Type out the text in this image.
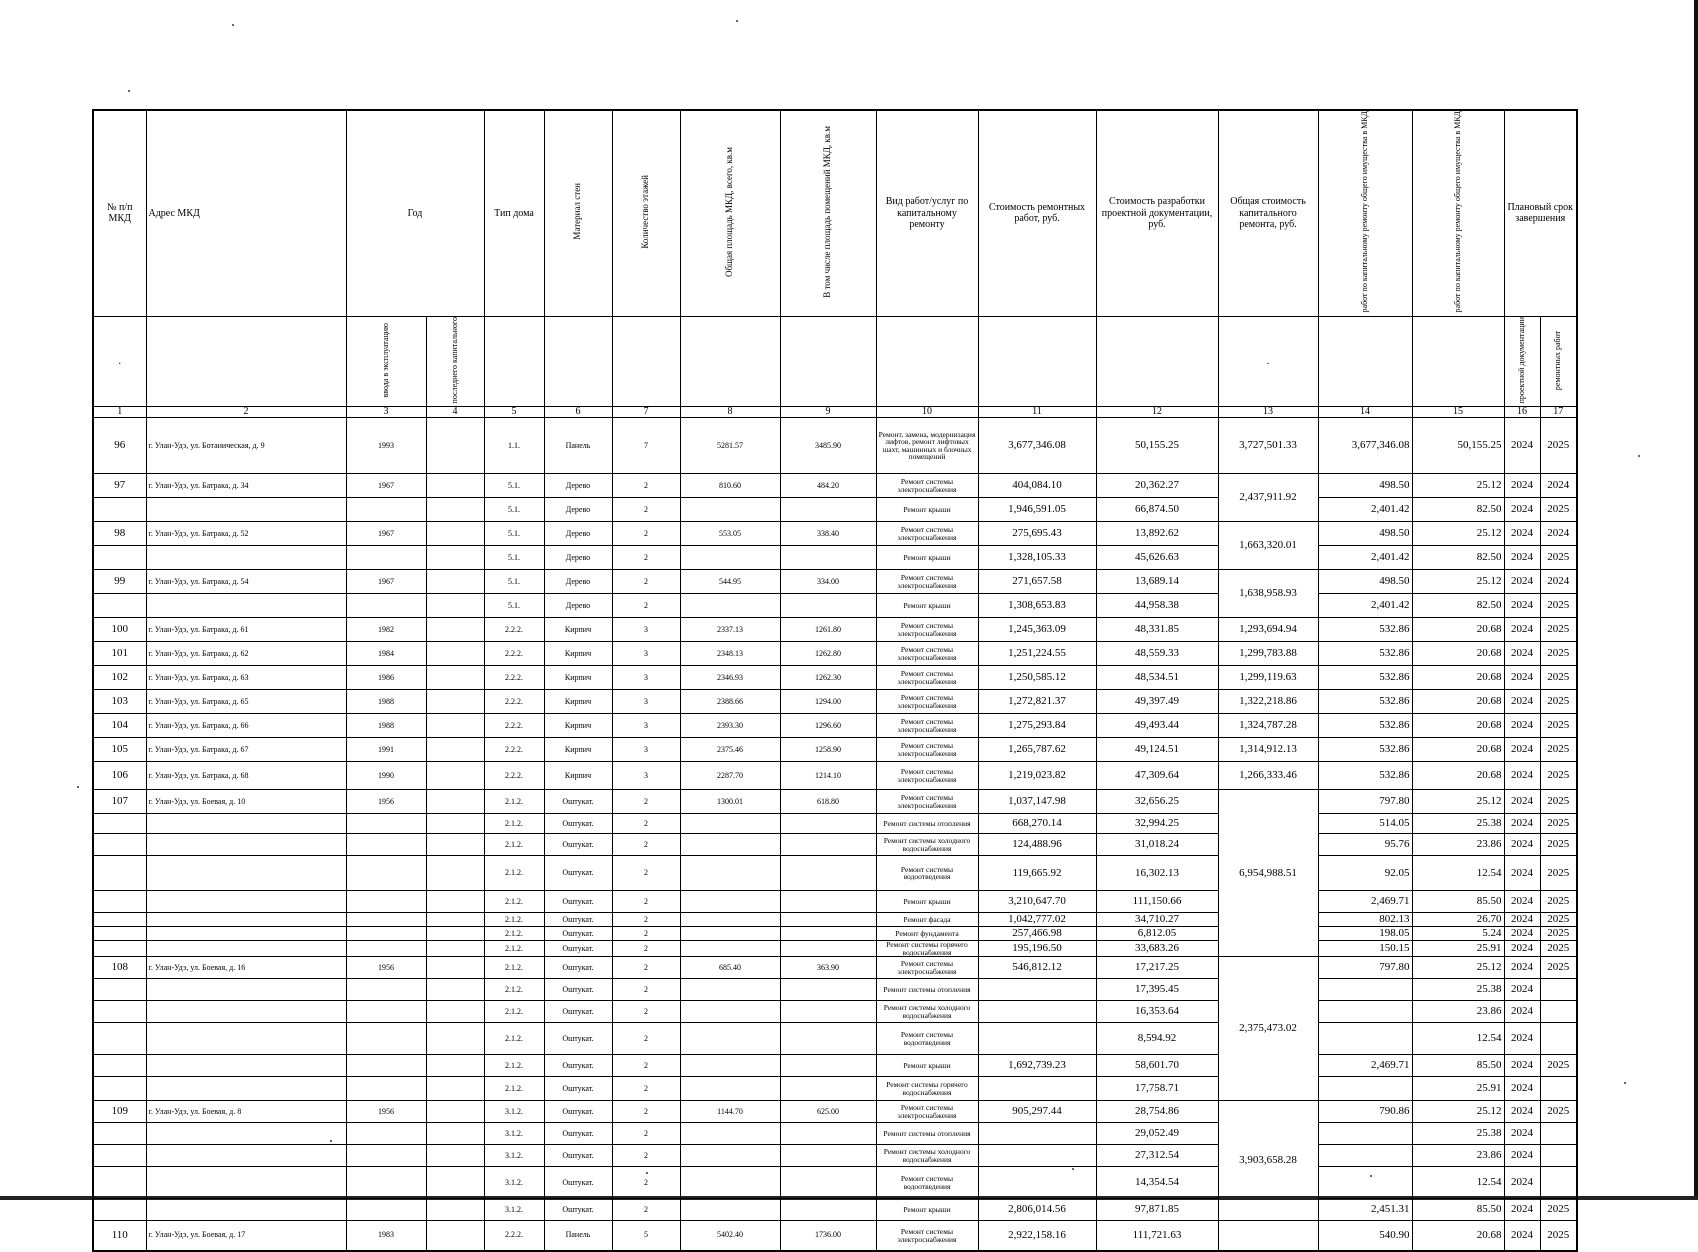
№ п/п МКД	Адрес МКД	Год		Тип дома	Материал стен	Количество этажей	Общая площадь МКД, всего, кв.м	В том числе площадь помещений МКД, кв.м	Вид работ/услуг по капитальному ремонту	Стоимость ремонтных работ, руб.	Стоимость разработки проектной документации, руб.	Общая стоимость капитального ремонта, руб.	работ по капитальному ремонту общего имущества в МКД	работ по капитальному ремонту общего имущества в МКД	Плановый срок завершения	
.		ввода в эксплуатацию	последнего капитального									.			проектной документации	ремонтных работ
1	2	3	4	5	6	7	8	9	10	11	12	13	14	15	16	17
96	г. Улан-Удэ, ул. Ботаническая, д. 9	1993		1.1.	Панель	7	5281.57	3485.90	Ремонт, замена, модернизация лифтов, ремонт лифтовых шахт, машинных и блочных помещений	3,677,346.08	50,155.25	3,727,501.33	3,677,346.08	50,155.25	2024	2025
97	г. Улан-Удэ, ул. Батрака, д. 34	1967		5.1.	Дерево	2	810.60	484.20	Ремонт системы электроснабжения	404,084.10	20,362.27	2,437,911.92	498.50	25.12	2024	2024
				5.1.	Дерево	2			Ремонт крыши	1,946,591.05	66,874.50		2,401.42	82.50	2024	2025
98	г. Улан-Удэ, ул. Батрака, д. 52	1967		5.1.	Дерево	2	553.05	338.40	Ремонт системы электроснабжения	275,695.43	13,892.62	1,663,320.01	498.50	25.12	2024	2024
				5.1.	Дерево	2			Ремонт крыши	1,328,105.33	45,626.63		2,401.42	82.50	2024	2025
99	г. Улан-Удэ, ул. Батрака, д. 54	1967		5.1.	Дерево	2	544.95	334.00	Ремонт системы электроснабжения	271,657.58	13,689.14	1,638,958.93	498.50	25.12	2024	2024
				5.1.	Дерево	2			Ремонт крыши	1,308,653.83	44,958.38		2,401.42	82.50	2024	2025
100	г. Улан-Удэ, ул. Батрака, д. 61	1982		2.2.2.	Кирпич	3	2337.13	1261.80	Ремонт системы электроснабжения	1,245,363.09	48,331.85	1,293,694.94	532.86	20.68	2024	2025
101	г. Улан-Удэ, ул. Батрака, д. 62	1984		2.2.2.	Кирпич	3	2348.13	1262.80	Ремонт системы электроснабжения	1,251,224.55	48,559.33	1,299,783.88	532.86	20.68	2024	2025
102	г. Улан-Удэ, ул. Батрака, д. 63	1986		2.2.2.	Кирпич	3	2346.93	1262.30	Ремонт системы электроснабжения	1,250,585.12	48,534.51	1,299,119.63	532.86	20.68	2024	2025
103	г. Улан-Удэ, ул. Батрака, д. 65	1988		2.2.2.	Кирпич	3	2388.66	1294.00	Ремонт системы электроснабжения	1,272,821.37	49,397.49	1,322,218.86	532.86	20.68	2024	2025
104	г. Улан-Удэ, ул. Батрака, д. 66	1988		2.2.2.	Кирпич	3	2393.30	1296.60	Ремонт системы электроснабжения	1,275,293.84	49,493.44	1,324,787.28	532.86	20.68	2024	2025
105	г. Улан-Удэ, ул. Батрака, д. 67	1991		2.2.2.	Кирпич	3	2375.46	1258.90	Ремонт системы электроснабжения	1,265,787.62	49,124.51	1,314,912.13	532.86	20.68	2024	2025
106	г. Улан-Удэ, ул. Батрака, д. 68	1990		2.2.2.	Кирпич	3	2287.70	1214.10	Ремонт системы электроснабжения	1,219,023.82	47,309.64	1,266,333.46	532.86	20.68	2024	2025
107	г. Улан-Удэ, ул. Боевая, д. 10	1956		2.1.2.	Оштукат.	2	1300.01	618.80	Ремонт системы электроснабжения	1,037,147.98	32,656.25	6,954,988.51	797.80	25.12	2024	2025
				2.1.2.	Оштукат.	2			Ремонт системы отопления	668,270.14	32,994.25		514.05	25.38	2024	2025
				2.1.2.	Оштукат.	2			Ремонт системы холодного водоснабжения	124,488.96	31,018.24		95.76	23.86	2024	2025
				2.1.2.	Оштукат.	2			Ремонт системы водоотведения	119,665.92	16,302.13		92.05	12.54	2024	2025
				2.1.2.	Оштукат.	2			Ремонт крыши	3,210,647.70	111,150.66		2,469.71	85.50	2024	2025
				2.1.2.	Оштукат.	2			Ремонт фасада	1,042,777.02	34,710.27		802.13	26.70	2024	2025
				2.1.2.	Оштукат.	2			Ремонт фундамента	257,466.98	6,812.05		198.05	5.24	2024	2025
				2.1.2.	Оштукат.	2			Ремонт системы горячего водоснабжения	195,196.50	33,683.26		150.15	25.91	2024	2025
108	г. Улан-Удэ, ул. Боевая, д. 16	1956		2.1.2.	Оштукат.	2	685.40	363.90	Ремонт системы электроснабжения	546,812.12	17,217.25	2,375,473.02	797.80	25.12	2024	2025
				2.1.2.	Оштукат.	2			Ремонт системы отопления		17,395.45			25.38	2024	
				2.1.2.	Оштукат.	2			Ремонт системы холодного водоснабжения		16,353.64			23.86	2024	
				2.1.2.	Оштукат.	2			Ремонт системы водоотведения		8,594.92			12.54	2024	
				2.1.2.	Оштукат.	2			Ремонт крыши	1,692,739.23	58,601.70		2,469.71	85.50	2024	2025
				2.1.2.	Оштукат.	2			Ремонт системы горячего водоснабжения		17,758.71			25.91	2024	
109	г. Улан-Удэ, ул. Боевая, д. 8	1956		3.1.2.	Оштукат.	2	1144.70	625.00	Ремонт системы электроснабжения	905,297.44	28,754.86	3,903,658.28	790.86	25.12	2024	2025
				3.1.2.	Оштукат.	2			Ремонт системы отопления		29,052.49			25.38	2024	
				3.1.2.	Оштукат.	2			Ремонт системы холодного водоснабжения		27,312.54			23.86	2024	
				3.1.2.	Оштукат.	2			Ремонт системы водоотведения		14,354.54			12.54	2024	
				3.1.2.	Оштукат.	2			Ремонт крыши	2,806,014.56	97,871.85		2,451.31	85.50	2024	2025
110	г. Улан-Удэ, ул. Боевая, д. 17	1983		2.2.2.	Панель	5	5402.40	1736.00	Ремонт системы электроснабжения	2,922,158.16	111,721.63		540.90	20.68	2024	2025
